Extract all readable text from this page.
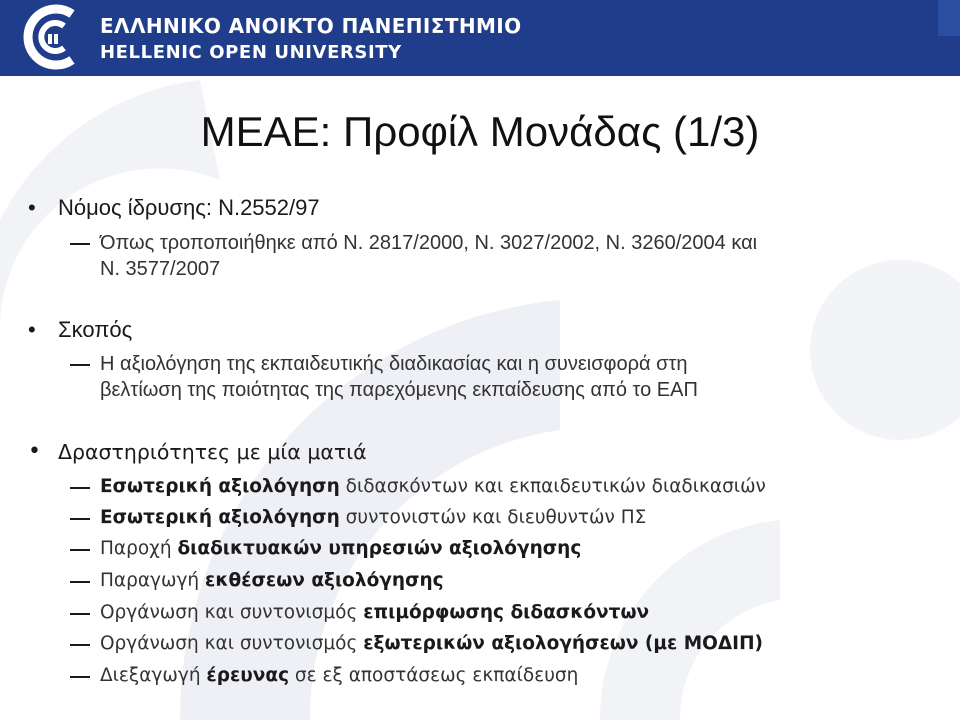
ΕΛΛΗΝΙΚΟ ΑΝΟΙΚΤΟ ΠΑΝΕΠΙΣΤΗΜΙΟ
HELLENIC OPEN UNIVERSITY
ΜΕΑΕ: Προφίλ Μονάδας (1/3)
•	Νόμος ίδρυσης: Ν.2552/97
Όπως τροποποιήθηκε από Ν. 2817/2000, Ν. 3027/2002, Ν. 3260/2004 και
Ν. 3577/2007
•	Σκοπός
Η αξιολόγηση της εκπαιδευτικής διαδικασίας και η συνεισφορά στη
βελτίωση της ποιότητας της παρεχόμενης εκπαίδευσης από το ΕΑΠ
• Δραστηριότητες με μία ματιά
Εσωτερική αξιολόγηση διδασκόντων και εκπαιδευτικών διαδικασιών
Εσωτερική αξιολόγηση συντονιστών και διευθυντών ΠΣ
Παροχή διαδικτυακών υπηρεσιών αξιολόγησης
Παραγωγή εκθέσεων αξιολόγησης
Οργάνωση και συντονισμός επιμόρφωσης διδασκόντων
Οργάνωση και συντονισμός εξωτερικών αξιολογήσεων (με ΜΟΔΙΠ)
Διεξαγωγή έρευνας σε εξ αποστάσεως εκπαίδευση
